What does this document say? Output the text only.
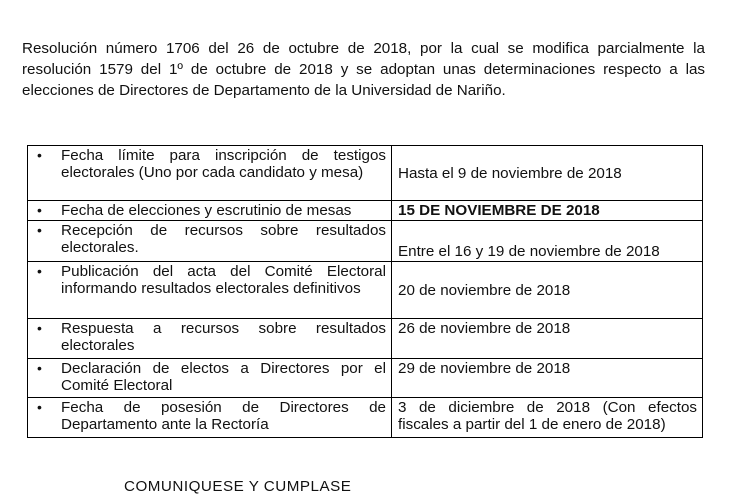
Resolución número 1706 del 26 de octubre de 2018, por la cual se modifica parcialmente la resolución 1579 del 1º de octubre de 2018 y se adoptan unas determinaciones respecto a las elecciones de Directores de Departamento de la Universidad de Nariño.

• Fecha límite para inscripción de testigos electorales (Uno por cada candidato y mesa)	Hasta el 9 de noviembre de 2018

• Fecha de elecciones y escrutinio de mesas	15 DE NOVIEMBRE DE 2018

• Recepción de recursos sobre resultados electorales.	Entre el 16 y 19 de noviembre de 2018

• Publicación del acta del Comité Electoral informando resultados electorales definitivos	20 de noviembre de 2018

• Respuesta a recursos sobre resultados electorales	26 de noviembre de 2018

• Declaración de electos a Directores por el Comité Electoral	29 de noviembre de 2018

• Fecha de posesión de Directores de Departamento ante la Rectoría	3 de diciembre de 2018 (Con efectos fiscales a partir del 1 de enero de 2018)
COMUNIQUESE Y CUMPLASE
